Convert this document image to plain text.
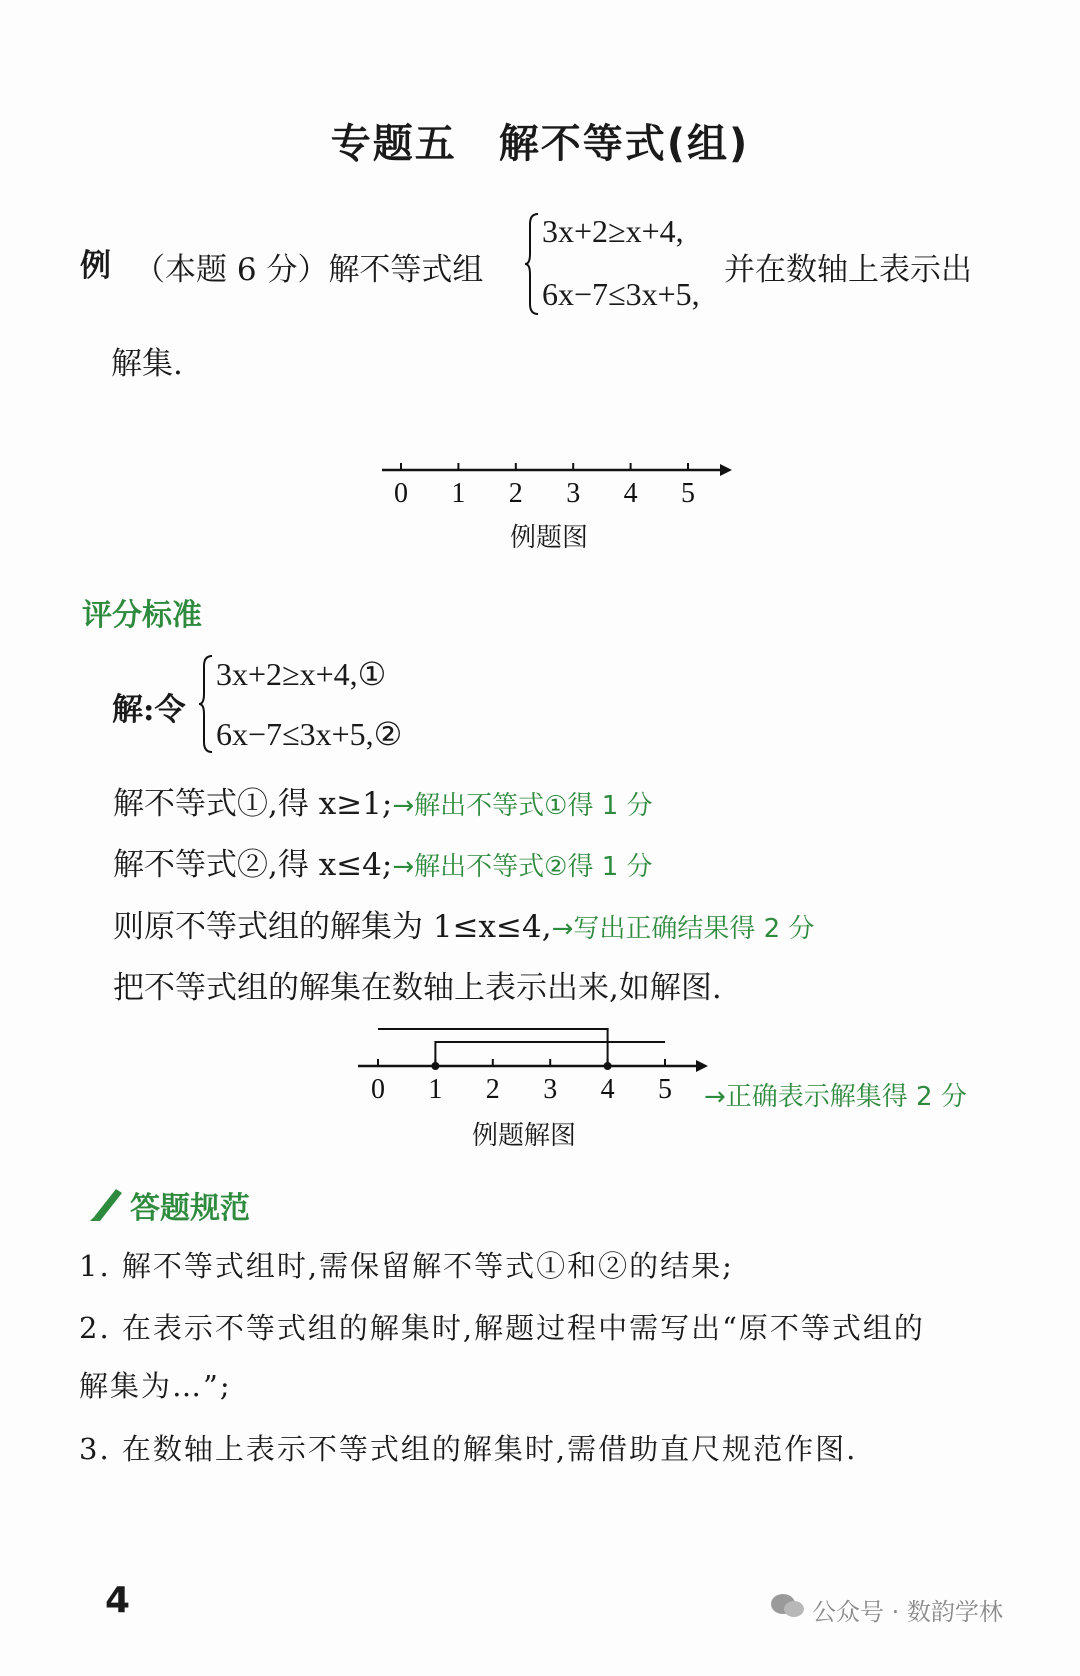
专题五　解不等式(组)
例 （本题 6 分）解不等式组
3x+2≥x+4,
6x−7≤3x+5,
并在数轴上表示出
解集.
0 1 2 3 4 5
例题图
评分标准
解:令
3x+2≥x+4,①
6x−7≤3x+5,②
解不等式①,得 x≥1;→解出不等式①得 1 分
解不等式②,得 x≤4;→解出不等式②得 1 分
则原不等式组的解集为 1≤x≤4,→写出正确结果得 2 分
把不等式组的解集在数轴上表示出来,如解图.
0 1 2 3 4 5 →正确表示解集得 2 分
例题解图
答题规范
1. 解不等式组时,需保留解不等式①和②的结果;
2. 在表示不等式组的解集时,解题过程中需写出“原不等式组的
解集为…”;
3. 在数轴上表示不等式组的解集时,需借助直尺规范作图.
4	公众号 · 数韵学林
